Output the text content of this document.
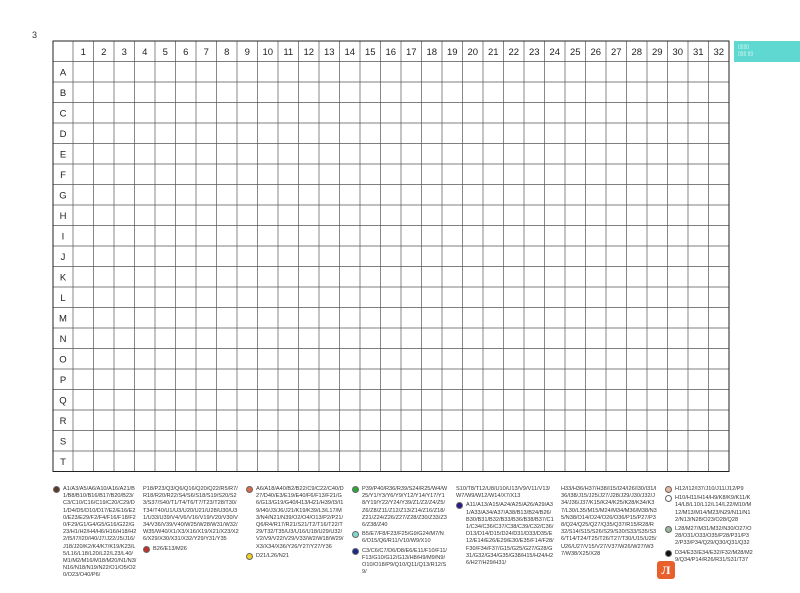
3
▯▯▯▯
▯▯▯ ▯▯
1 2 3 4 5 6 7 8 9 10 11 12 13 14 15 16 17 18 19 20 21 22 23 24 25 26 27 28 29 30 31 32
A
B
C
D
E
F
G
H
I
J
K
L
M
N
O
P
Q
R
S
T
A1/A3/A5/A6/A10/A16/A21/B1/B8/B10/B16/B17/B20/B23/C3/C10/C16/C19/C20/C29/D1/D4/D5/D10/D17/E2/E16/E20/E23/E29/F2/F4/F16/F18/F20/F29/G1/G4/G5/G16/G22/G23/H1/H2/H4/H6/H16/H18/H22/I5/I7/I20/I40/J7/J22/J5/J16/J18/J20/K2/K4/K7/K19/K23/L5/L16/L18/L20/L22/L23/L40/M1/M2/M16/M18/M20/N1/N3/N16/N18/N19/N22/O1/O5/O20/O23/O40/P6/
P18/P23/Q3/Q6/Q16/Q20/Q22/R5/R7/R18/R20/R22/S4/S6/S18/S19/S20/S23/S37/S40/T1/T4/T6/T7/T23/T28/T30/T34/T40/U1/U3/U20/U21/U28/U30/U31/U33/U39/V4/V6/V16/V19/V20/V30/V34/V36/V39/V40/W25/W28/W31/W32/W35/W40/X1/X3/X16/X19/X21/X23/X26/X29/X30/X31/X32/Y29/Y31/Y35
B26/E13/M26
A6/A18/A40/B2/B22/C9/C22/C40/D27/D40/E3/E19/E40/F6/F13/F21/G6/G13/G19/G40/H13/H21/H39/I3/I19/I40/J3/J6/J21/K19/K39/L3/L17/M3/N4/N21/N39/O2/O4/O13/P2/P21/Q6/R4/R17/R21/S21/T2/T16/T22/T29/T32/T35/U3/U16/U18/U29/U32/V2/V9/V22/V29/V33/W2/W18/W29/X3/X34/X36/Y26/Y27/Y27/Y36
D21/L26/N21
P39/P40/R36/R39/S24/R25/W4/W25/Y1/Y3/Y6/Y9/Y12/Y14/Y17/Y18/Y19/Y22/Y24/Y39/Z1/Z2/Z4/Z5/Z6/Z8/Z11/Z12/Z13/Z14/Z16/Z18/Z21/Z24/Z26/Z27/Z28/Z30/Z33/Z36/Z38/Z40
B5/E7/F8/F23/F25/G9/G24/M7/N6/O15/Q6/R11/V10/W9/X10
C3/C6/C7/D6/D8/E6/E11/F10/F11/F13/G10/G12/G13/H8/H9/M9/N9/O10/O18/P9/Q10/Q11/Q13/R12/S9/
S10/T8/T12/U8/U10/U13/V9/V11/V13/W7/W9/W12/W14/X7/X13
A11/A13/A15/A24/A25/A26/A29/A31/A33/A34/A37/A38/B13/B24/B26/B30/B31/B32/B33/B36/B38/B37/C11/C34/C36/C37/C38/C39/C32/C36/D13/D14/D15/D24/D31/D33/D35/E12/E14/E26/E29/E30/E35/F14/F28/F30/F34/F37/G15/G25/G27/G28/G31/G32/G34/G35/G38/H15/H24/H26/H27/H29/H31/
H33/H36/H37/H38/I15/I24/I26/I30/I31/I36/I38/J15/J25/J27/J28/J29/J30/J32/J34/J36/J37/K15/K24/K25/K28/K34/K37/L30/L35/M15/M24/M34/M36/M38/N35/N38/O14/O24/O26/O36/P15/P27/P38/Q24/Q25/Q27/Q35/Q37/R15/R28/R32/S14/S15/S26/S29/S30/S33/S35/S36/T14/T24/T25/T26/T27/T30/U15/U25/U26/U27/V15/V27/V37/W26/W27/W37/W38/X25/X28
H12/I12/I37/J10/J11/J12/P9
H10/H11/H14/H9/K8/K9/K11/K14/L8/L10/L12/L14/L22/M10/M12/M13/M14/M23/N29/N11/N12/N13/N28/O23/O28/Q28
L28/M27/M31/M32/N30/O27/O28/O31/O33/O35/P28/P31/P32/P33/P34/Q29/Q30/Q31/Q32
D34/E33/E34/E32/F32/M28/M29/Q34/P14/R26/R31/S31/T37
Л
